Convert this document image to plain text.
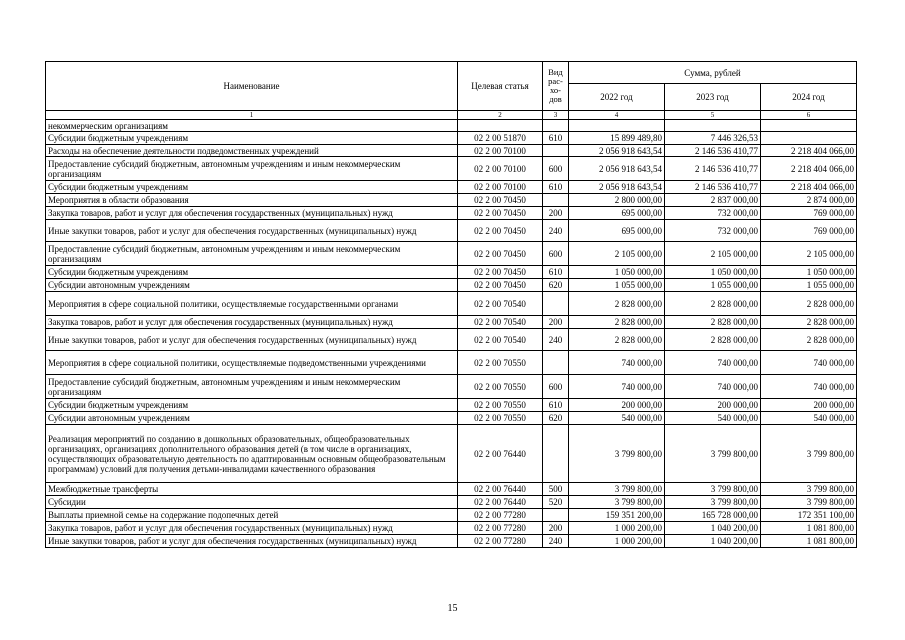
Наименование	Целевая статья	Вид
рас-
хо-
дов	Сумма, рублей		
			2022 год	2023 год	2024 год
1	2	3	4	5	6
некоммерческим организациям					
Субсидии бюджетным учреждениям	02 2 00 51870	610	15 899 489,80	7 446 326,53	
Расходы на обеспечение деятельности подведомственных учреждений	02 2 00 70100		2 056 918 643,54	2 146 536 410,77	2 218 404 066,00
Предоставление субсидий бюджетным, автономным учреждениям и иным некоммерческим организациям	02 2 00 70100	600	2 056 918 643,54	2 146 536 410,77	2 218 404 066,00
Субсидии бюджетным учреждениям	02 2 00 70100	610	2 056 918 643,54	2 146 536 410,77	2 218 404 066,00
Мероприятия в области образования	02 2 00 70450		2 800 000,00	2 837 000,00	2 874 000,00
Закупка товаров, работ и услуг для обеспечения государственных (муниципальных) нужд	02 2 00 70450	200	695 000,00	732 000,00	769 000,00
Иные закупки товаров, работ и услуг для обеспечения государственных (муниципальных) нужд	02 2 00 70450	240	695 000,00	732 000,00	769 000,00
Предоставление субсидий бюджетным, автономным учреждениям и иным некоммерческим организациям	02 2 00 70450	600	2 105 000,00	2 105 000,00	2 105 000,00
Субсидии бюджетным учреждениям	02 2 00 70450	610	1 050 000,00	1 050 000,00	1 050 000,00
Субсидии автономным учреждениям	02 2 00 70450	620	1 055 000,00	1 055 000,00	1 055 000,00
Мероприятия в сфере социальной политики, осуществляемые государственными органами	02 2 00 70540		2 828 000,00	2 828 000,00	2 828 000,00
Закупка товаров, работ и услуг для обеспечения государственных (муниципальных) нужд	02 2 00 70540	200	2 828 000,00	2 828 000,00	2 828 000,00
Иные закупки товаров, работ и услуг для обеспечения государственных (муниципальных) нужд	02 2 00 70540	240	2 828 000,00	2 828 000,00	2 828 000,00
Мероприятия в сфере социальной политики, осуществляемые подведомственными учреждениями	02 2 00 70550		740 000,00	740 000,00	740 000,00
Предоставление субсидий бюджетным, автономным учреждениям и иным некоммерческим организациям	02 2 00 70550	600	740 000,00	740 000,00	740 000,00
Субсидии бюджетным учреждениям	02 2 00 70550	610	200 000,00	200 000,00	200 000,00
Субсидии автономным учреждениям	02 2 00 70550	620	540 000,00	540 000,00	540 000,00
Реализация мероприятий по созданию в дошкольных образовательных, общеобразовательных организациях, организациях дополнительного образования детей (в том числе в организациях, осуществляющих образовательную деятельность по адаптированным основным общеобразовательным программам) условий для получения детьми-инвалидами качественного образования	02 2 00 76440		3 799 800,00	3 799 800,00	3 799 800,00
Межбюджетные трансферты	02 2 00 76440	500	3 799 800,00	3 799 800,00	3 799 800,00
Субсидии	02 2 00 76440	520	3 799 800,00	3 799 800,00	3 799 800,00
Выплаты приемной семье на содержание подопечных детей	02 2 00 77280		159 351 200,00	165 728 000,00	172 351 100,00
Закупка товаров, работ и услуг для обеспечения государственных (муниципальных) нужд	02 2 00 77280	200	1 000 200,00	1 040 200,00	1 081 800,00
Иные закупки товаров, работ и услуг для обеспечения государственных (муниципальных) нужд	02 2 00 77280	240	1 000 200,00	1 040 200,00	1 081 800,00
15
